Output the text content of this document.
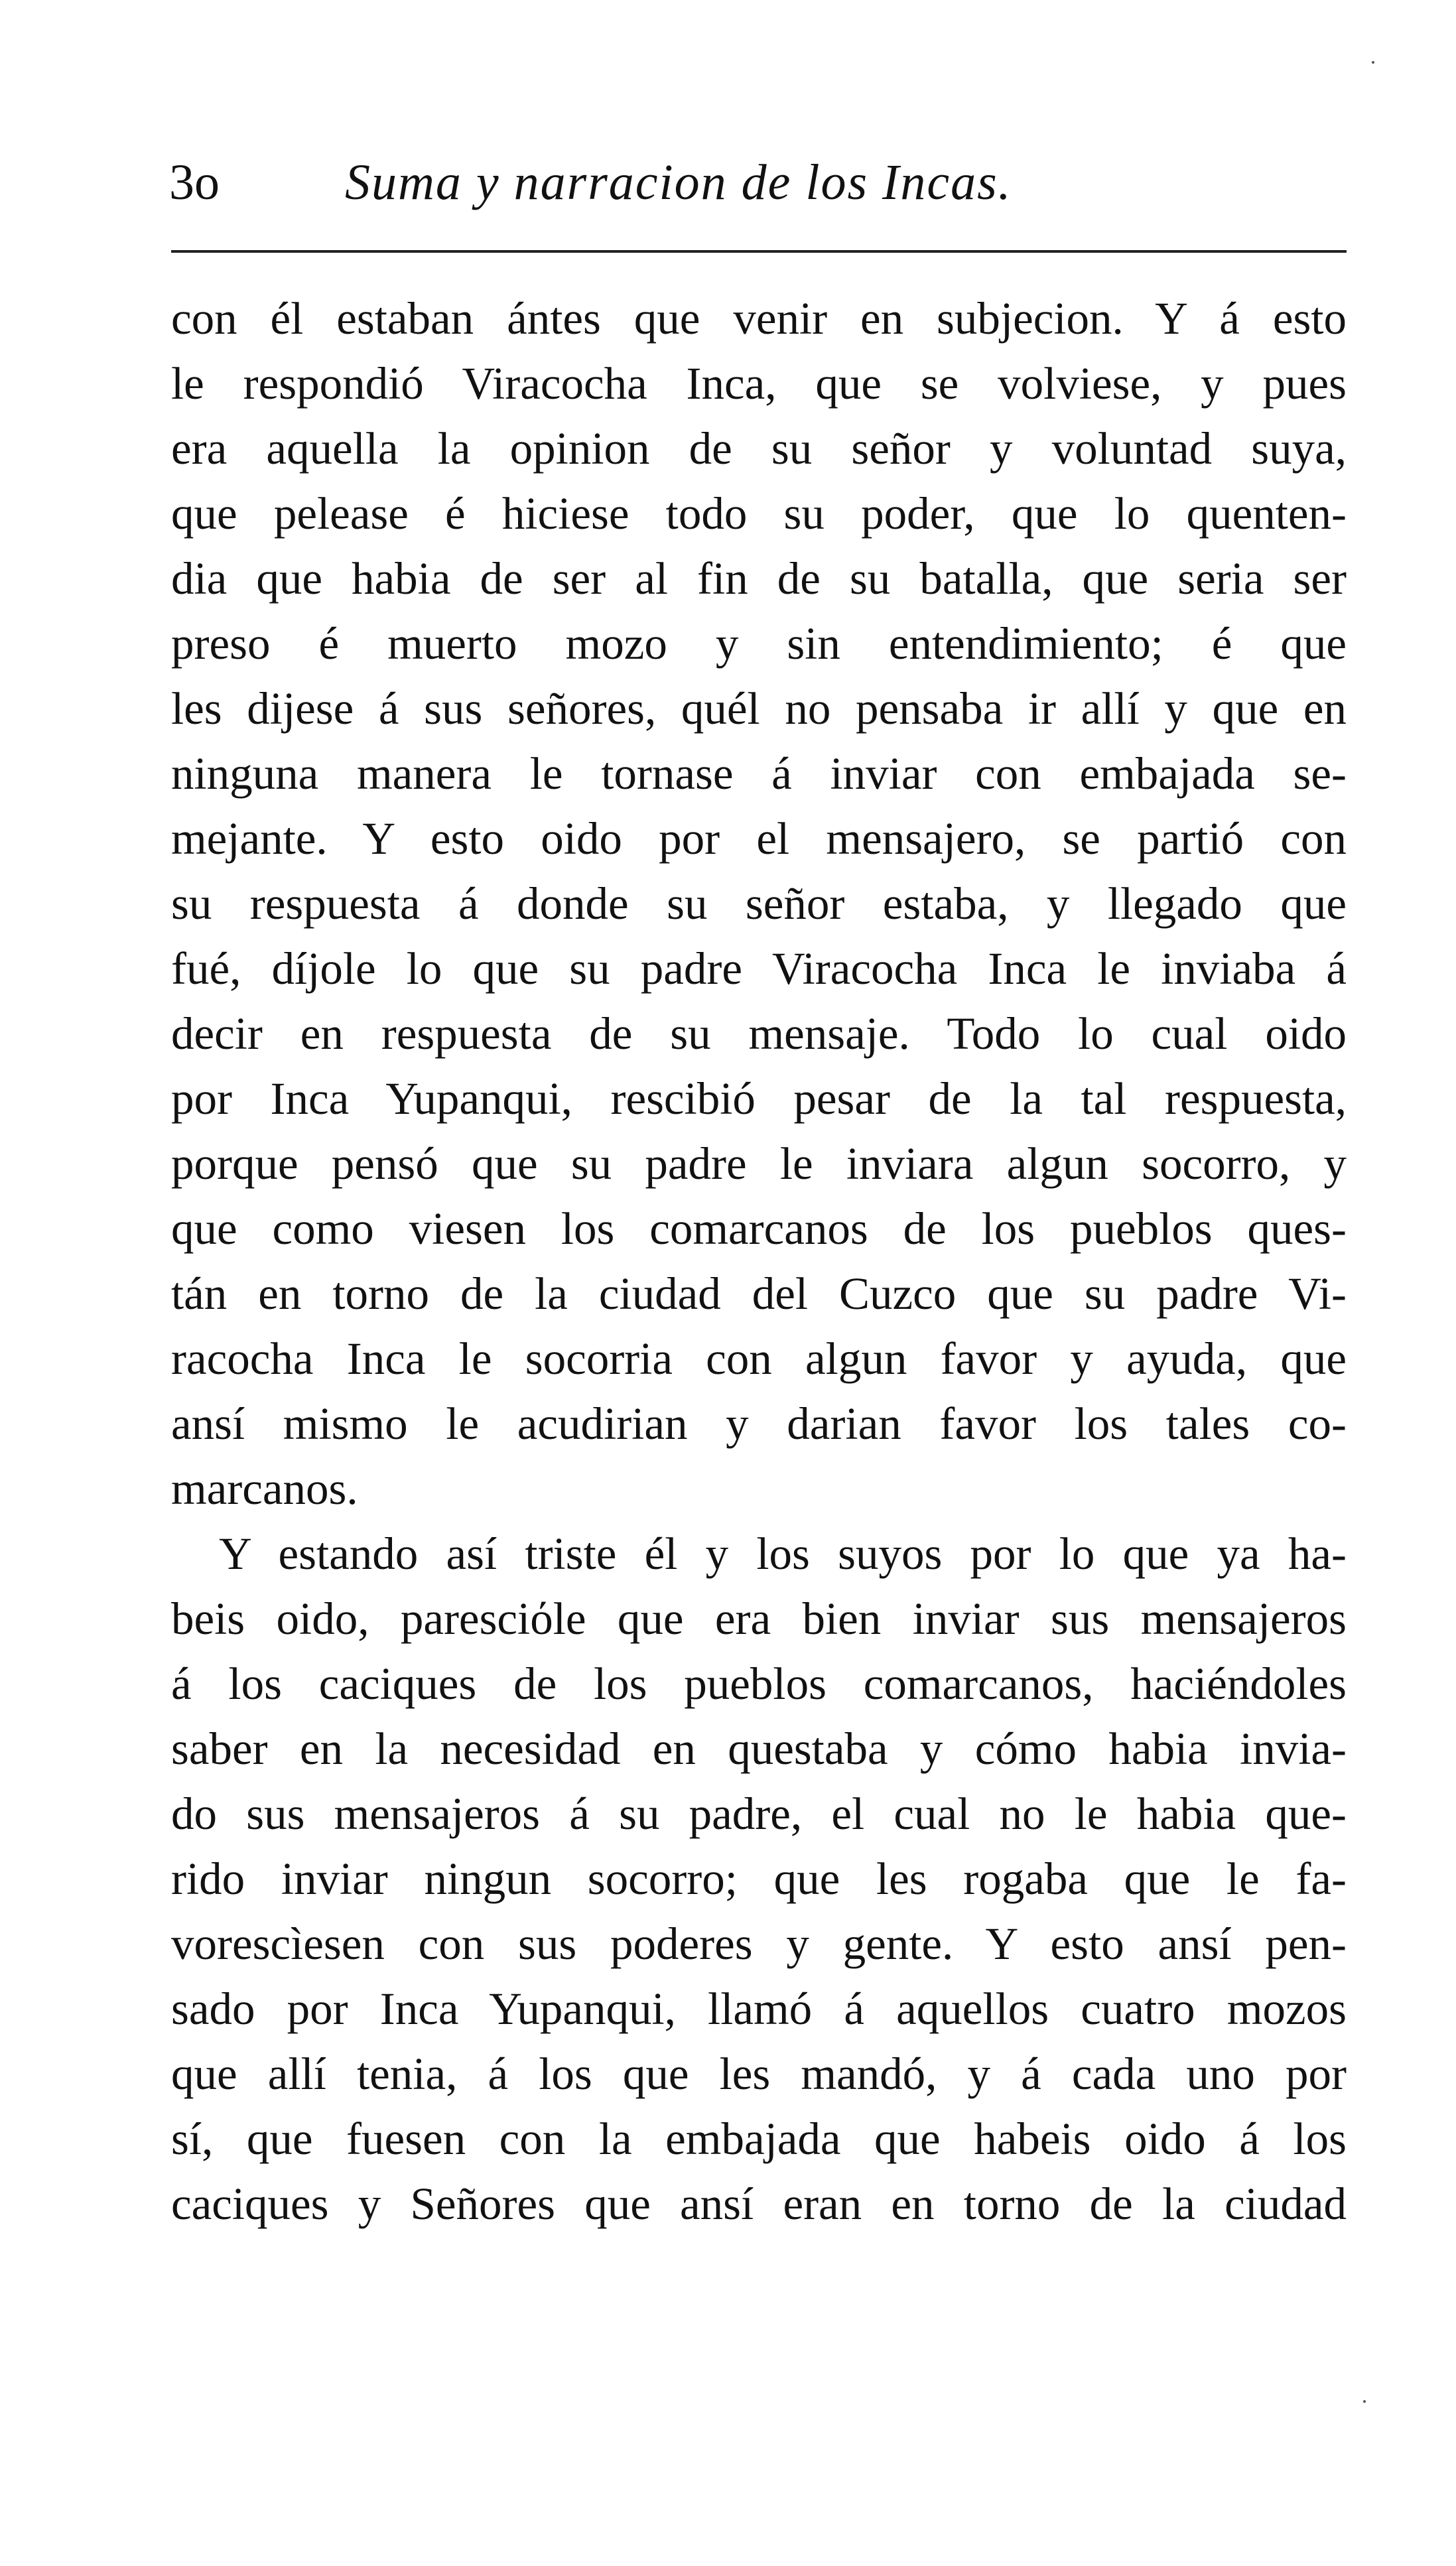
3o Suma y narracion de los Incas.
con él estaban ántes que venir en subjecion. Y á esto
le respondió Viracocha Inca, que se volviese, y pues
era aquella la opinion de su señor y voluntad suya,
que pelease é hiciese todo su poder, que lo quenten-
dia que habia de ser al fin de su batalla, que seria ser
preso é muerto mozo y sin entendimiento; é que
les dijese á sus señores, quél no pensaba ir allí y que en
ninguna manera le tornase á inviar con embajada se-
mejante. Y esto oido por el mensajero, se partió con
su respuesta á donde su señor estaba, y llegado que
fué, díjole lo que su padre Viracocha Inca le inviaba á
decir en respuesta de su mensaje. Todo lo cual oido
por Inca Yupanqui, rescibió pesar de la tal respuesta,
porque pensó que su padre le inviara algun socorro, y
que como viesen los comarcanos de los pueblos ques-
tán en torno de la ciudad del Cuzco que su padre Vi-
racocha Inca le socorria con algun favor y ayuda, que
ansí mismo le acudirian y darian favor los tales co-
marcanos.
Y estando así triste él y los suyos por lo que ya ha-
beis oido, paresciόle que era bien inviar sus mensajeros
á los caciques de los pueblos comarcanos, haciéndoles
saber en la necesidad en questaba y cómo habia invia-
do sus mensajeros á su padre, el cual no le habia que-
rido inviar ningun socorro; que les rogaba que le fa-
vorescìesen con sus poderes y gente. Y esto ansí pen-
sado por Inca Yupanqui, llamó á aquellos cuatro mozos
que allí tenia, á los que les mandó, y á cada uno por
sí, que fuesen con la embajada que habeis oido á los
caciques y Señores que ansí eran en torno de la ciudad
